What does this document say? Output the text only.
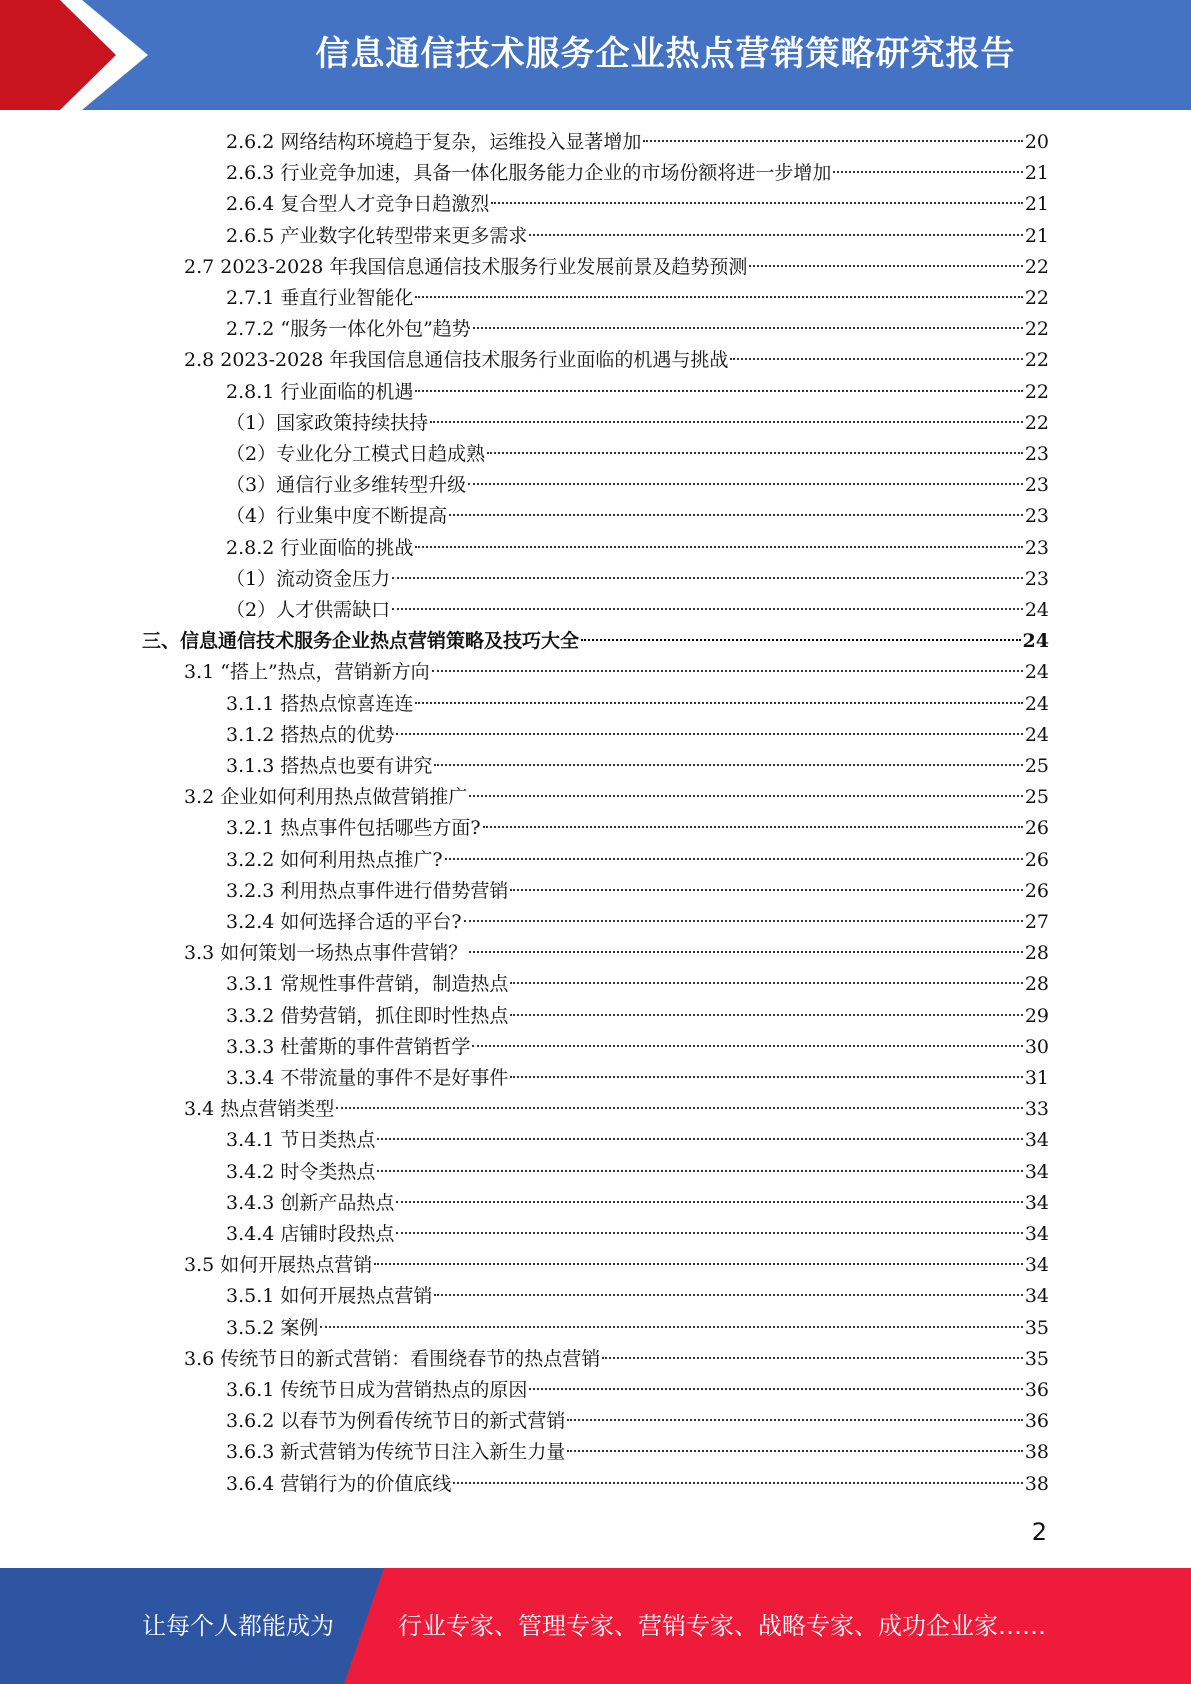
信息通信技术服务企业热点营销策略研究报告
2.6.2 网络结构环境趋于复杂，运维投入显著增加	20
2.6.3 行业竞争加速，具备一体化服务能力企业的市场份额将进一步增加	21
2.6.4 复合型人才竞争日趋激烈	21
2.6.5 产业数字化转型带来更多需求	21
2.7 2023-2028 年我国信息通信技术服务行业发展前景及趋势预测	22
2.7.1 垂直行业智能化	22
2.7.2 “服务一体化外包”趋势	22
2.8 2023-2028 年我国信息通信技术服务行业面临的机遇与挑战	22
2.8.1 行业面临的机遇	22
（1）国家政策持续扶持	22
（2）专业化分工模式日趋成熟	23
（3）通信行业多维转型升级	23
（4）行业集中度不断提高	23
2.8.2 行业面临的挑战	23
（1）流动资金压力	23
（2）人才供需缺口	24
三、信息通信技术服务企业热点营销策略及技巧大全	24
3.1 “搭上”热点，营销新方向	24
3.1.1 搭热点惊喜连连	24
3.1.2 搭热点的优势	24
3.1.3 搭热点也要有讲究	25
3.2 企业如何利用热点做营销推广	25
3.2.1 热点事件包括哪些方面?	26
3.2.2 如何利用热点推广?	26
3.2.3 利用热点事件进行借势营销	26
3.2.4 如何选择合适的平台?	27
3.3 如何策划一场热点事件营销？	28
3.3.1 常规性事件营销，制造热点	28
3.3.2 借势营销，抓住即时性热点	29
3.3.3 杜蕾斯的事件营销哲学	30
3.3.4 不带流量的事件不是好事件	31
3.4 热点营销类型	33
3.4.1 节日类热点	34
3.4.2 时令类热点	34
3.4.3 创新产品热点	34
3.4.4 店铺时段热点	34
3.5 如何开展热点营销	34
3.5.1 如何开展热点营销	34
3.5.2 案例	35
3.6 传统节日的新式营销：看围绕春节的热点营销	35
3.6.1 传统节日成为营销热点的原因	36
3.6.2 以春节为例看传统节日的新式营销	36
3.6.3 新式营销为传统节日注入新生力量	38
3.6.4 营销行为的价值底线	38
2
让每个人都能成为	行业专家、管理专家、营销专家、战略专家、成功企业家……
